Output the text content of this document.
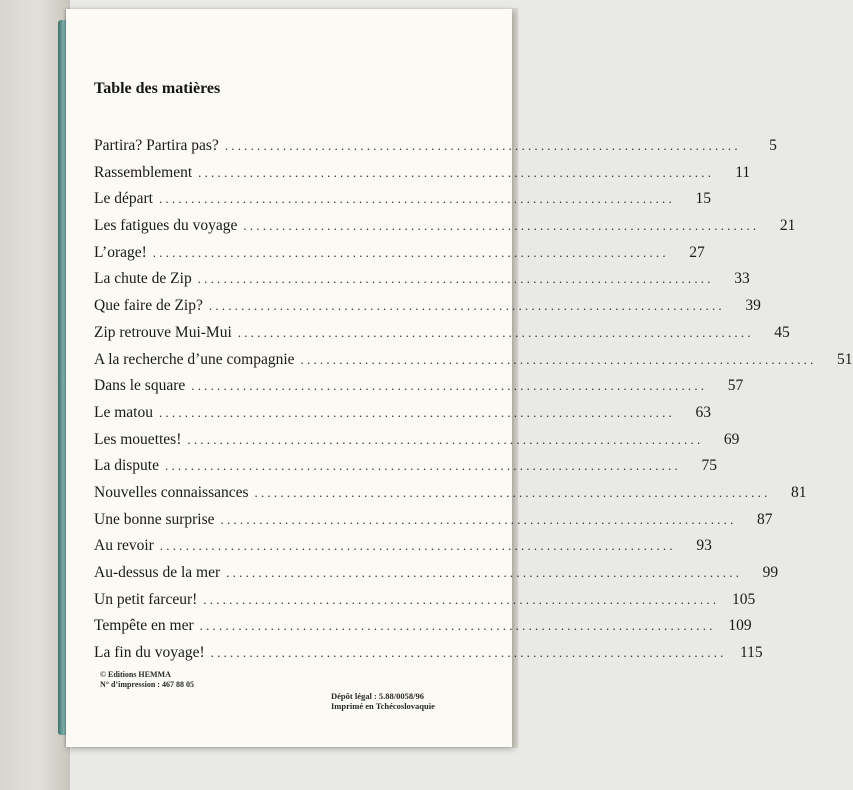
Table des matières
Partira? Partira pas? ................................................................................	5
Rassemblement ................................................................................	11
Le départ ................................................................................	15
Les fatigues du voyage ................................................................................	21
L’orage! ................................................................................	27
La chute de Zip ................................................................................	33
Que faire de Zip? ................................................................................	39
Zip retrouve Mui-Mui ................................................................................	45
A la recherche d’une compagnie ................................................................................	51
Dans le square ................................................................................	57
Le matou ................................................................................	63
Les mouettes! ................................................................................	69
La dispute ................................................................................	75
Nouvelles connaissances ................................................................................	81
Une bonne surprise ................................................................................	87
Au revoir ................................................................................	93
Au-dessus de la mer ................................................................................	99
Un petit farceur! ................................................................................ 105
Tempête en mer ................................................................................ 109
La fin du voyage! ................................................................................ 115
© Editions HEMMA
N° d’impression : 467 88 05
Dépôt légal : 5.88/0058/96
Imprimé en Tchécoslovaquie
